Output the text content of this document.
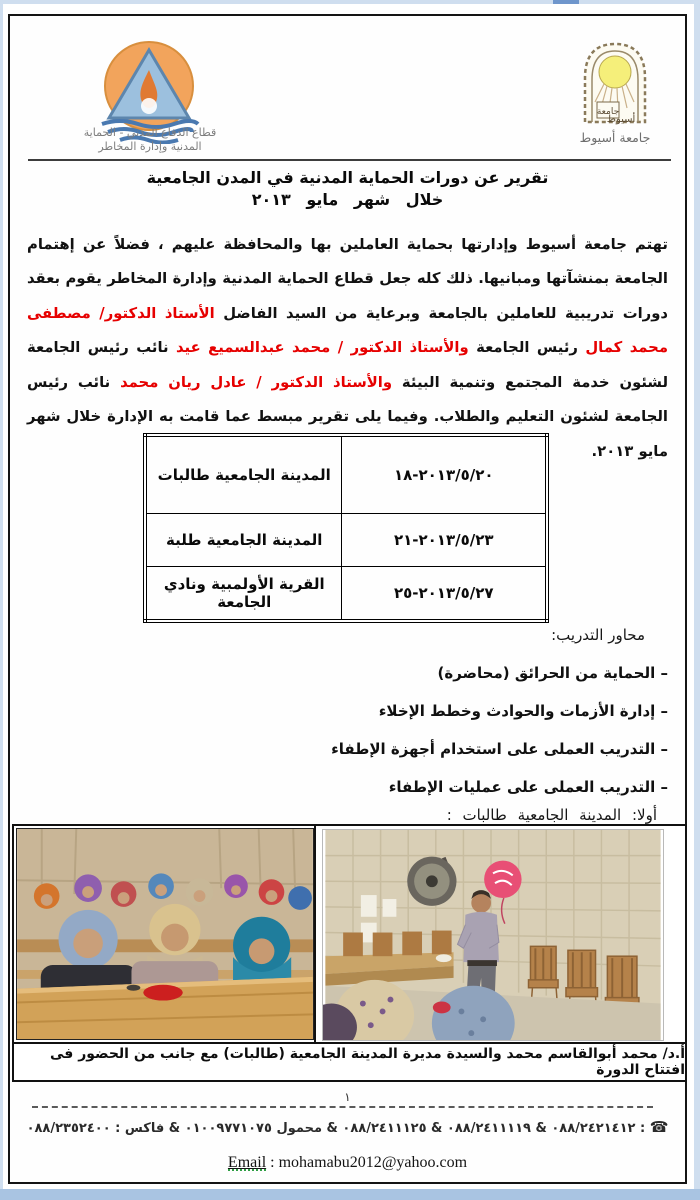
قطاع الدفاع المدني - الحماية
المدنية وإدارة المخاطر
جامعة
أسيوط
جامعة أسيوط
تقرير عن دورات الحماية المدنية في المدن الجامعية
خلال شهر مايو ٢٠١٣

تهتم جامعة أسيوط وإدارتها بحماية العاملين بها والمحافظة عليهم ، فضلاً عن إهتمام الجامعة بمنشآتها ومبانيها. ذلك كله جعل قطاع الحماية المدنية وإدارة المخاطر يقوم بعقد دورات تدريبية للعاملين بالجامعة وبرعاية من السيد الفاضل الأستاذ الدكتور/ مصطفى محمد كمال رئيس الجامعة والأستاذ الدكتور / محمد عبدالسميع عيد نائب رئيس الجامعة لشئون خدمة المجتمع وتنمية البيئة والأستاذ الدكتور / عادل ريان محمد نائب رئيس الجامعة لشئون التعليم والطلاب. وفيما يلى تقرير مبسط عما قامت به الإدارة خلال شهر مايو ٢٠١٣.

المدينة الجامعية طالبات	٢٠١٣/٥/٢٠-١٨
المدينة الجامعية طلبة	٢٠١٣/٥/٢٣-٢١
القرية الأولمبية ونادي الجامعة	٢٠١٣/٥/٢٧-٢٥
محاور التدريب:
– الحماية من الحرائق (محاضرة)
– إدارة الأزمات والحوادث وخطط الإخلاء
– التدريب العملى على استخدام أجهزة الإطفاء
– التدريب العملى على عمليات الإطفاء
أولا: المدينة الجامعية طالبات :
أ.د/ محمد أبوالقاسم محمد والسيدة مديرة المدينة الجامعية (طالبات) مع جانب من الحضور فى افتتاح الدورة
١
☎ : ٠٨٨/٢٤٢١٤١٢ & ٠٨٨/٢٤١١١١٩ & ٠٨٨/٢٤١١١٢٥ & محمول ٠١٠٠٩٧٧١٠٧٥ & فاكس : ٠٨٨/٢٣٥٢٤٠٠
Email : mohamabu2012@yahoo.com
